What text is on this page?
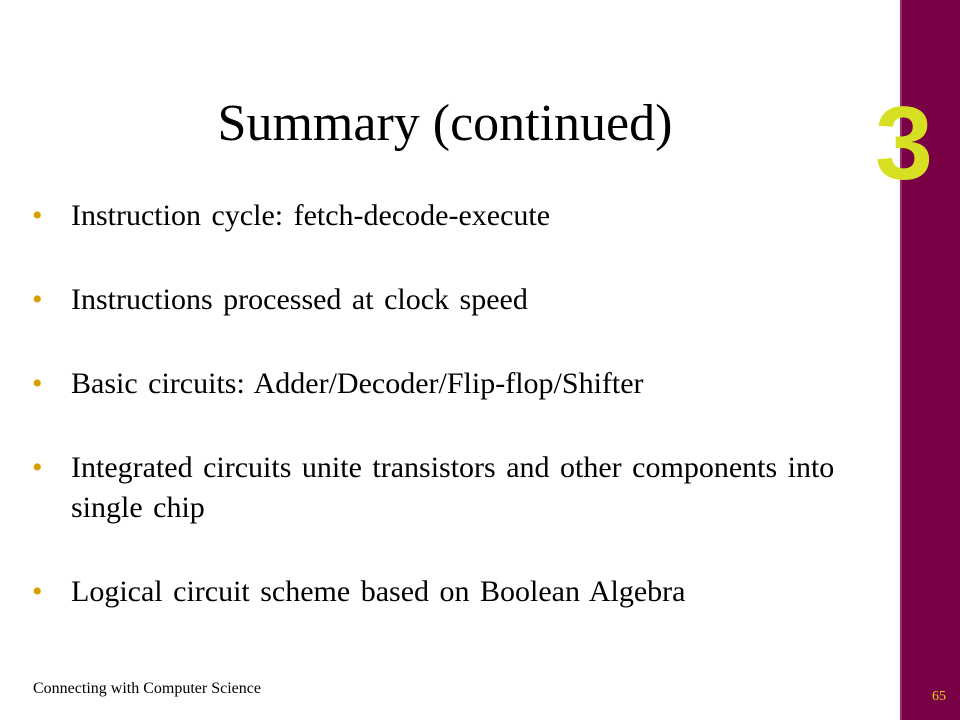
3
Summary (continued)
• Instruction cycle: fetch-decode-execute
• Instructions processed at clock speed
• Basic circuits: Adder/Decoder/Flip-flop/Shifter
• Integrated circuits unite transistors and other components into single chip
• Logical circuit scheme based on Boolean Algebra
Connecting with Computer Science	65
